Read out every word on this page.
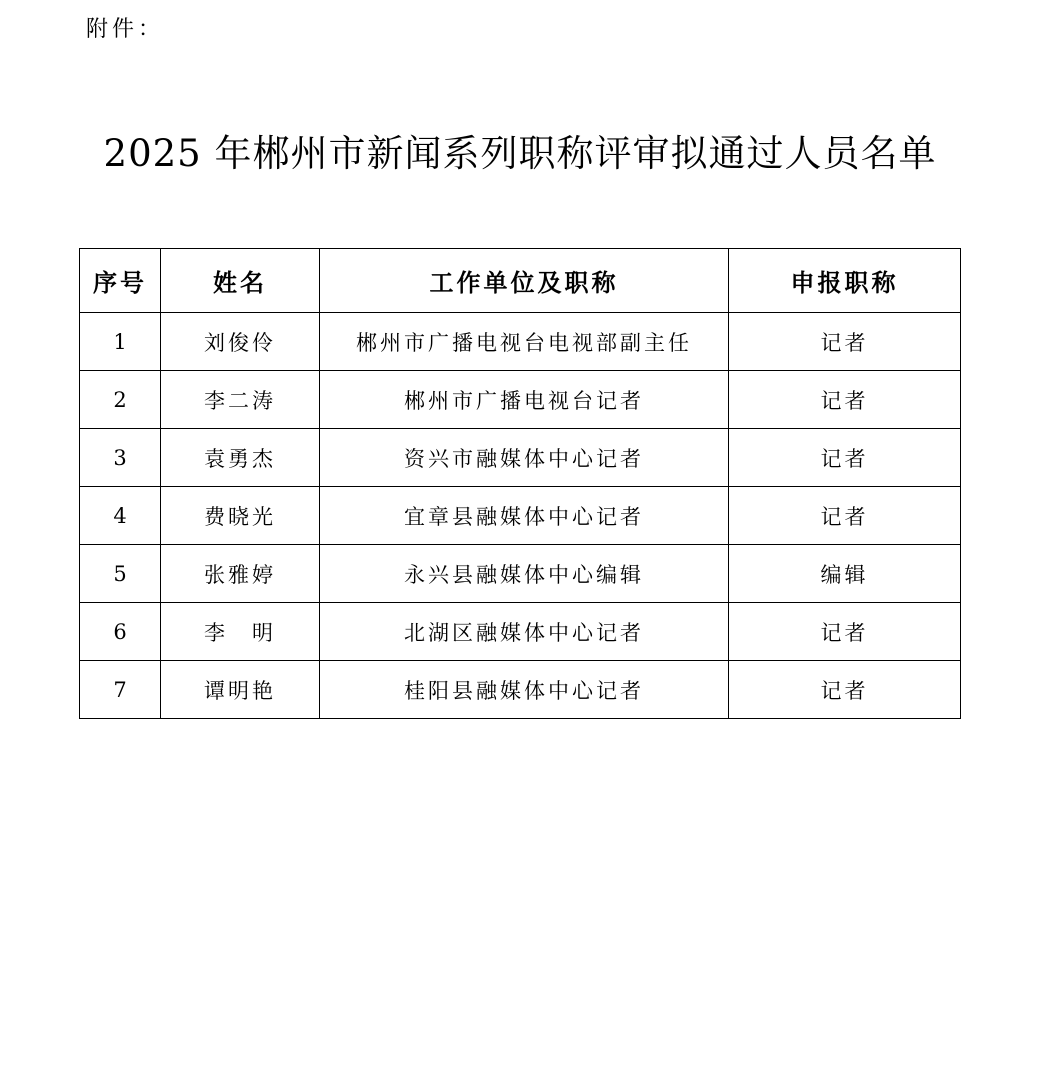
附件：
2025 年郴州市新闻系列职称评审拟通过人员名单
序号	姓名	工作单位及职称	申报职称
1	刘俊伶	郴州市广播电视台电视部副主任	记者
2	李二涛	郴州市广播电视台记者	记者
3	袁勇杰	资兴市融媒体中心记者	记者
4	费晓光	宜章县融媒体中心记者	记者
5	张雅婷	永兴县融媒体中心编辑	编辑
6	李　明	北湖区融媒体中心记者	记者
7	谭明艳	桂阳县融媒体中心记者	记者
